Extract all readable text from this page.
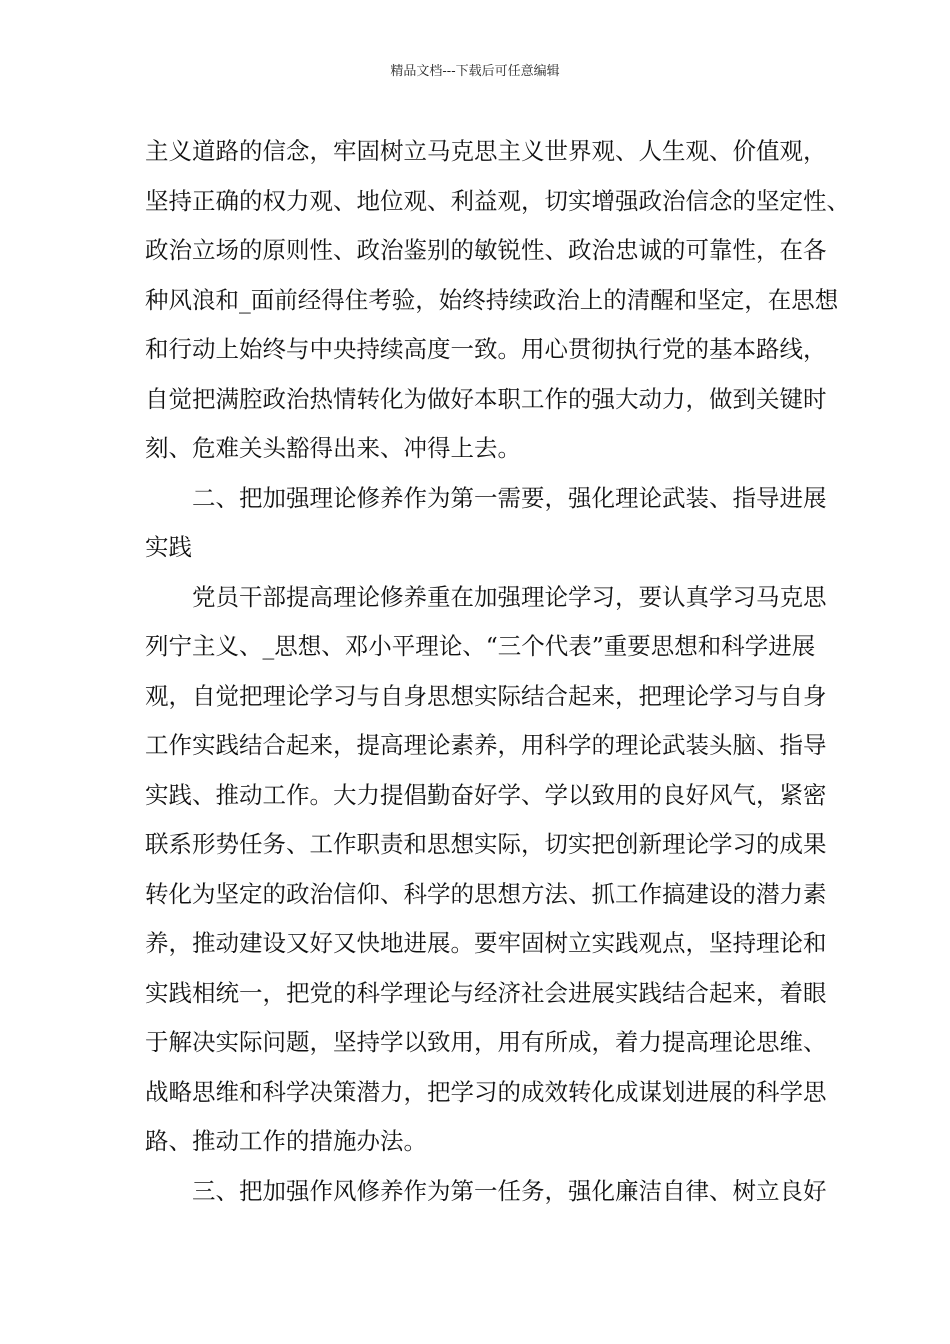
精品文档---下载后可任意编辑
主义道路的信念，牢固树立马克思主义世界观、人生观、价值观，
坚持正确的权力观、地位观、利益观，切实增强政治信念的坚定性、
政治立场的原则性、政治鉴别的敏锐性、政治忠诚的可靠性，在各
种风浪和_面前经得住考验，始终持续政治上的清醒和坚定，在思想
和行动上始终与中央持续高度一致。用心贯彻执行党的基本路线，
自觉把满腔政治热情转化为做好本职工作的强大动力，做到关键时
刻、危难关头豁得出来、冲得上去。
二、把加强理论修养作为第一需要，强化理论武装、指导进展
实践
党员干部提高理论修养重在加强理论学习，要认真学习马克思
列宁主义、_思想、邓小平理论、“三个代表”重要思想和科学进展
观，自觉把理论学习与自身思想实际结合起来，把理论学习与自身
工作实践结合起来，提高理论素养，用科学的理论武装头脑、指导
实践、推动工作。大力提倡勤奋好学、学以致用的良好风气，紧密
联系形势任务、工作职责和思想实际，切实把创新理论学习的成果
转化为坚定的政治信仰、科学的思想方法、抓工作搞建设的潜力素
养，推动建设又好又快地进展。要牢固树立实践观点，坚持理论和
实践相统一，把党的科学理论与经济社会进展实践结合起来，着眼
于解决实际问题，坚持学以致用，用有所成，着力提高理论思维、
战略思维和科学决策潜力，把学习的成效转化成谋划进展的科学思
路、推动工作的措施办法。
三、把加强作风修养作为第一任务，强化廉洁自律、树立良好
